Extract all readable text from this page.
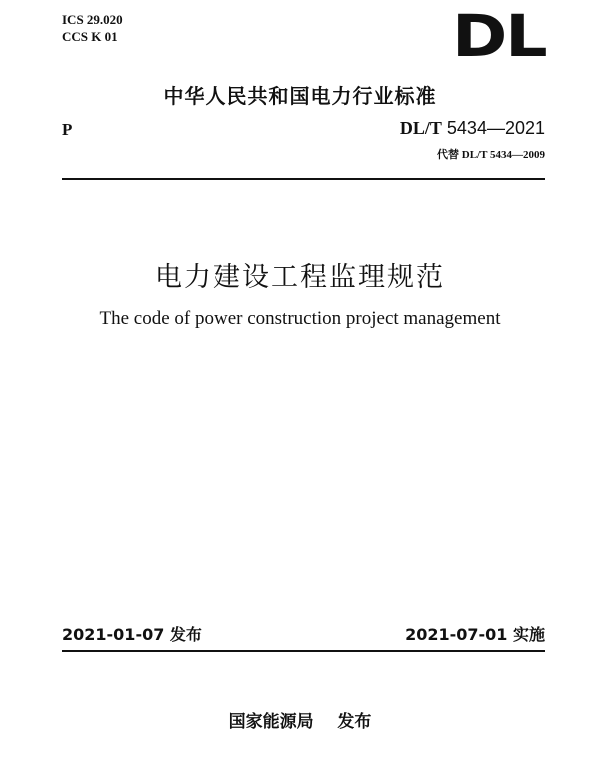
ICS 29.020
CCS K 01	DL
中华人民共和国电力行业标准
P	DL/T 5434—2021
代替 DL/T 5434—2009
电力建设工程监理规范
The code of power construction project management
2021-01-07 发布	2021-07-01 实施
国家能源局    发布
